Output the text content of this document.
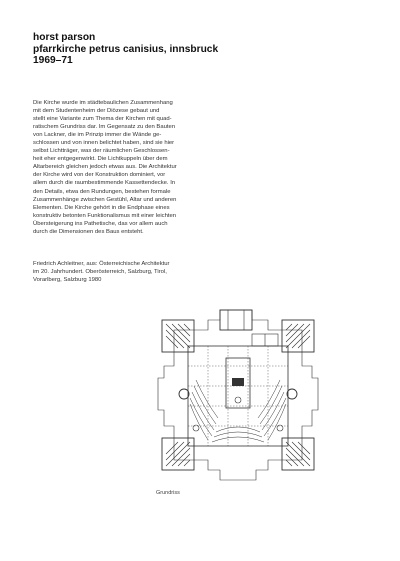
horst parson
pfarrkirche petrus canisius, innsbruck
1969–71
Die Kirche wurde im städtebaulichen Zusammenhang
mit dem Studentenheim der Diözese gebaut und
stellt eine Variante zum Thema der Kirchen mit quad-
ratischem Grundriss dar. Im Gegensatz zu den Bauten
von Lackner, die im Prinzip immer die Wände ge-
schlossen und von innen belichtet haben, sind sie hier
selbst Lichtträger, was der räumlichen Geschlossen-
heit eher entgegenwirkt. Die Lichtkuppeln über dem
Altarbereich gleichen jedoch etwas aus. Die Architektur
der Kirche wird von der Konstruktion dominiert, vor
allem durch die raumbestimmende Kassettendecke. In
den Details, etwa den Rundungen, bestehen formale
Zusammenhänge zwischen Gestühl, Altar und anderen
Elementen. Die Kirche gehört in die Endphase eines
konstruktiv betonten Funktionalismus mit einer leichten
Übersteigerung ins Pathetische, das vor allem auch
durch die Dimensionen des Baus entsteht.
Friedrich Achleitner, aus: Österreichische Architektur
im 20. Jahrhundert. Oberösterreich, Salzburg, Tirol,
Vorarlberg, Salzburg 1980
Grundriss
